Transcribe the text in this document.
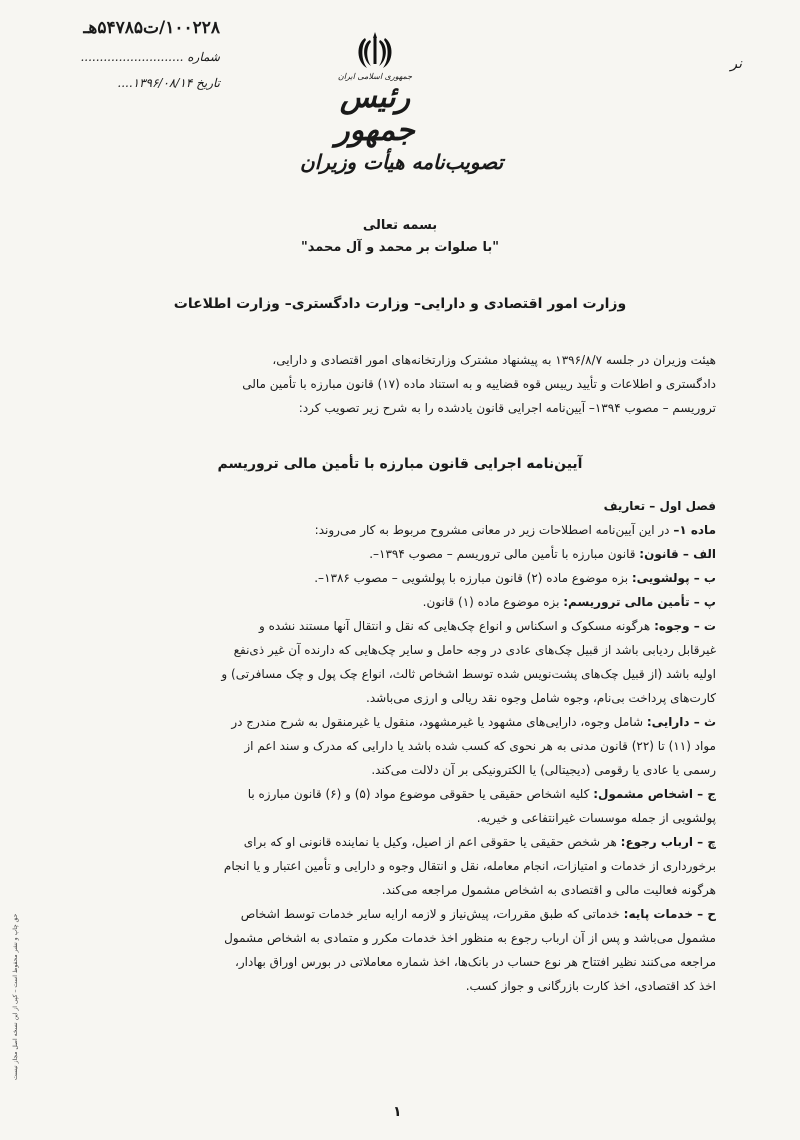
۱۰۰۲۲۸/ت۵۴۷۸۵هـ
شماره ...........................
تاریخ ۱۳۹۶/۰۸/۱۴....
نر
جمهوری اسلامی ایران
رئیس جمهور
تصویب‌نامه هیأت وزیران
بسمه تعالی
"با صلوات بر محمد و آل محمد"
وزارت امور اقتصادی و دارایی– وزارت دادگستری– وزارت اطلاعات
هیئت وزیران در جلسه ۱۳۹۶/۸/۷ به پیشنهاد مشترک وزارتخانه‌های امور اقتصادی و دارایی،
دادگستری و اطلاعات و تأیید رییس قوه قضاییه و به استناد ماده (۱۷) قانون مبارزه با تأمین مالی
تروریسم – مصوب ۱۳۹۴– آیین‌نامه اجرایی قانون یادشده را به شرح زیر تصویب کرد:
آیین‌نامه اجرایی قانون مبارزه با تأمین مالی تروریسم
فصل اول – تعاریف
ماده ۱– در این آیین‌نامه اصطلاحات زیر در معانی مشروح مربوط به کار می‌روند:
الف – قانون: قانون مبارزه با تأمین مالی تروریسم – مصوب ۱۳۹۴–.
ب – پولشویی: بزه موضوع ماده (۲) قانون مبارزه با پولشویی – مصوب ۱۳۸۶–.
پ – تأمین مالی تروریسم: بزه موضوع ماده (۱) قانون.
ت – وجوه: هرگونه مسکوک و اسکناس و انواع چک‌هایی که نقل و انتقال آنها مستند نشده و
غیرقابل ردیابی باشد از قبیل چک‌های عادی در وجه حامل و سایر چک‌هایی که دارنده آن غیر ذی‌نفع
اولیه باشد (از قبیل چک‌های پشت‌نویس شده توسط اشخاص ثالث، انواع چک پول و چک مسافرتی) و
کارت‌های پرداخت بی‌نام، وجوه شامل وجوه نقد ریالی و ارزی می‌باشد.
ث – دارایی: شامل وجوه، دارایی‌های مشهود یا غیرمشهود، منقول یا غیرمنقول به شرح مندرج در
مواد (۱۱) تا (۲۲) قانون مدنی به هر نحوی که کسب شده باشد یا دارایی که مدرک و سند اعم از
رسمی یا عادی یا رقومی (دیجیتالی) یا الکترونیکی بر آن دلالت می‌کند.
ج – اشخاص مشمول: کلیه اشخاص حقیقی یا حقوقی موضوع مواد (۵) و (۶) قانون مبارزه با
پولشویی از جمله موسسات غیرانتفاعی و خیریه.
چ – ارباب رجوع: هر شخص حقیقی یا حقوقی اعم از اصیل، وکیل یا نماینده قانونی او که برای
برخورداری از خدمات و امتیازات، انجام معامله، نقل و انتقال وجوه و دارایی و تأمین اعتبار و یا انجام
هرگونه فعالیت مالی و اقتصادی به اشخاص مشمول مراجعه می‌کند.
ح – خدمات پایه: خدماتی که طبق مقررات، پیش‌نیاز و لازمه ارایه سایر خدمات توسط اشخاص
مشمول می‌باشد و پس از آن ارباب رجوع به منظور اخذ خدمات مکرر و متمادی به اشخاص مشمول
مراجعه می‌کنند نظیر افتتاح هر نوع حساب در بانک‌ها، اخذ شماره معاملاتی در بورس اوراق بهادار،
اخذ کد اقتصادی، اخذ کارت بازرگانی و جواز کسب.
حق چاپ و نشر محفوظ است – کپی از این نسخه اصل مجاز نیست
۱
